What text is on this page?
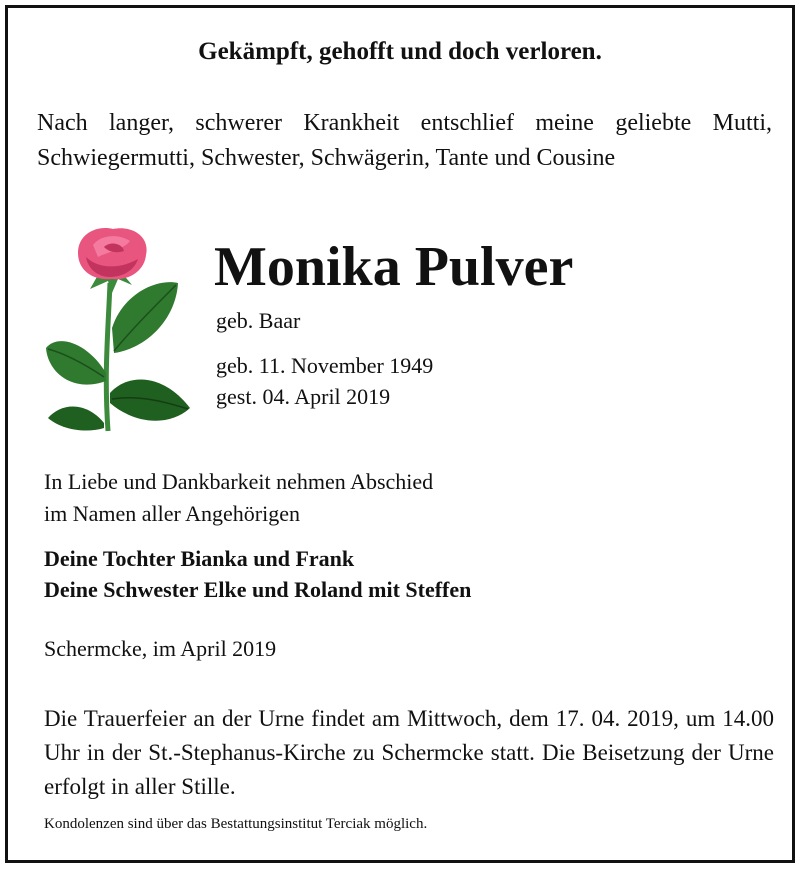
Gekämpft, gehofft und doch verloren.
Nach langer, schwerer Krankheit entschlief meine geliebte Mutti, Schwiegermutti, Schwester, Schwägerin, Tante und Cousine
Monika Pulver
geb. Baar
geb. 11. November 1949
gest. 04. April 2019
In Liebe und Dankbarkeit nehmen Abschied
im Namen aller Angehörigen
Deine Tochter Bianka und Frank
Deine Schwester Elke und Roland mit Steffen
Schermcke, im April 2019
Die Trauerfeier an der Urne findet am Mittwoch, dem 17. 04. 2019, um 14.00 Uhr in der St.-Stephanus-Kirche zu Schermcke statt. Die Beisetzung der Urne erfolgt in aller Stille.
Kondolenzen sind über das Bestattungsinstitut Terciak möglich.
